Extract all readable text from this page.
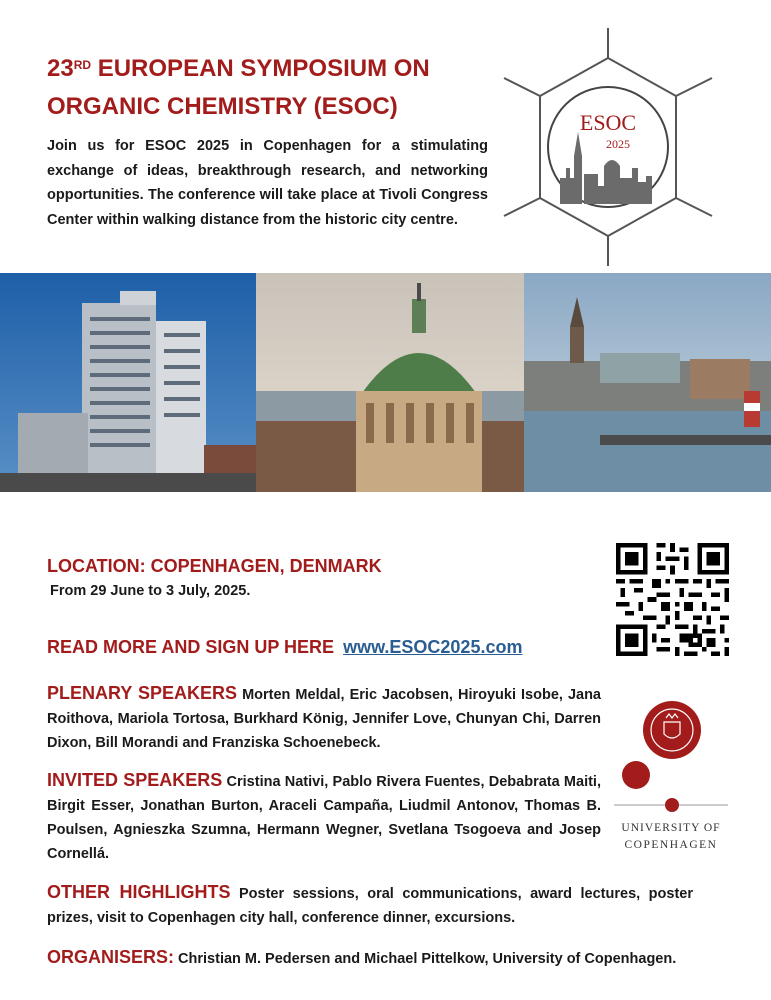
23RD EUROPEAN SYMPOSIUM ON ORGANIC CHEMISTRY (ESOC)
Join us for ESOC 2025 in Copenhagen for a stimulating exchange of ideas, breakthrough research, and networking opportunities. The conference will take place at Tivoli Congress Center within walking distance from the historic city centre.
ESOC
2025
LOCATION: COPENHAGEN, DENMARK
From 29 June to 3 July, 2025.
READ MORE AND SIGN UP HERE www.ESOC2025.com
PLENARY SPEAKERS Morten Meldal, Eric Jacobsen, Hiroyuki Isobe, Jana Roithova, Mariola Tortosa, Burkhard König, Jennifer Love, Chunyan Chi, Darren Dixon, Bill Morandi and Franziska Schoenebeck.
INVITED SPEAKERS Cristina Nativi, Pablo Rivera Fuentes, Debabrata Maiti, Birgit Esser, Jonathan Burton, Araceli Campaña, Liudmil Antonov, Thomas B. Poulsen, Agnieszka Szumna, Hermann Wegner, Svetlana Tsogoeva and Josep Cornellá.
OTHER HIGHLIGHTS Poster sessions, oral communications, award lectures, poster prizes, visit to Copenhagen city hall, conference dinner, excursions.
ORGANISERS: Christian M. Pedersen and Michael Pittelkow, University of Copenhagen.
UNIVERSITY OF
COPENHAGEN
